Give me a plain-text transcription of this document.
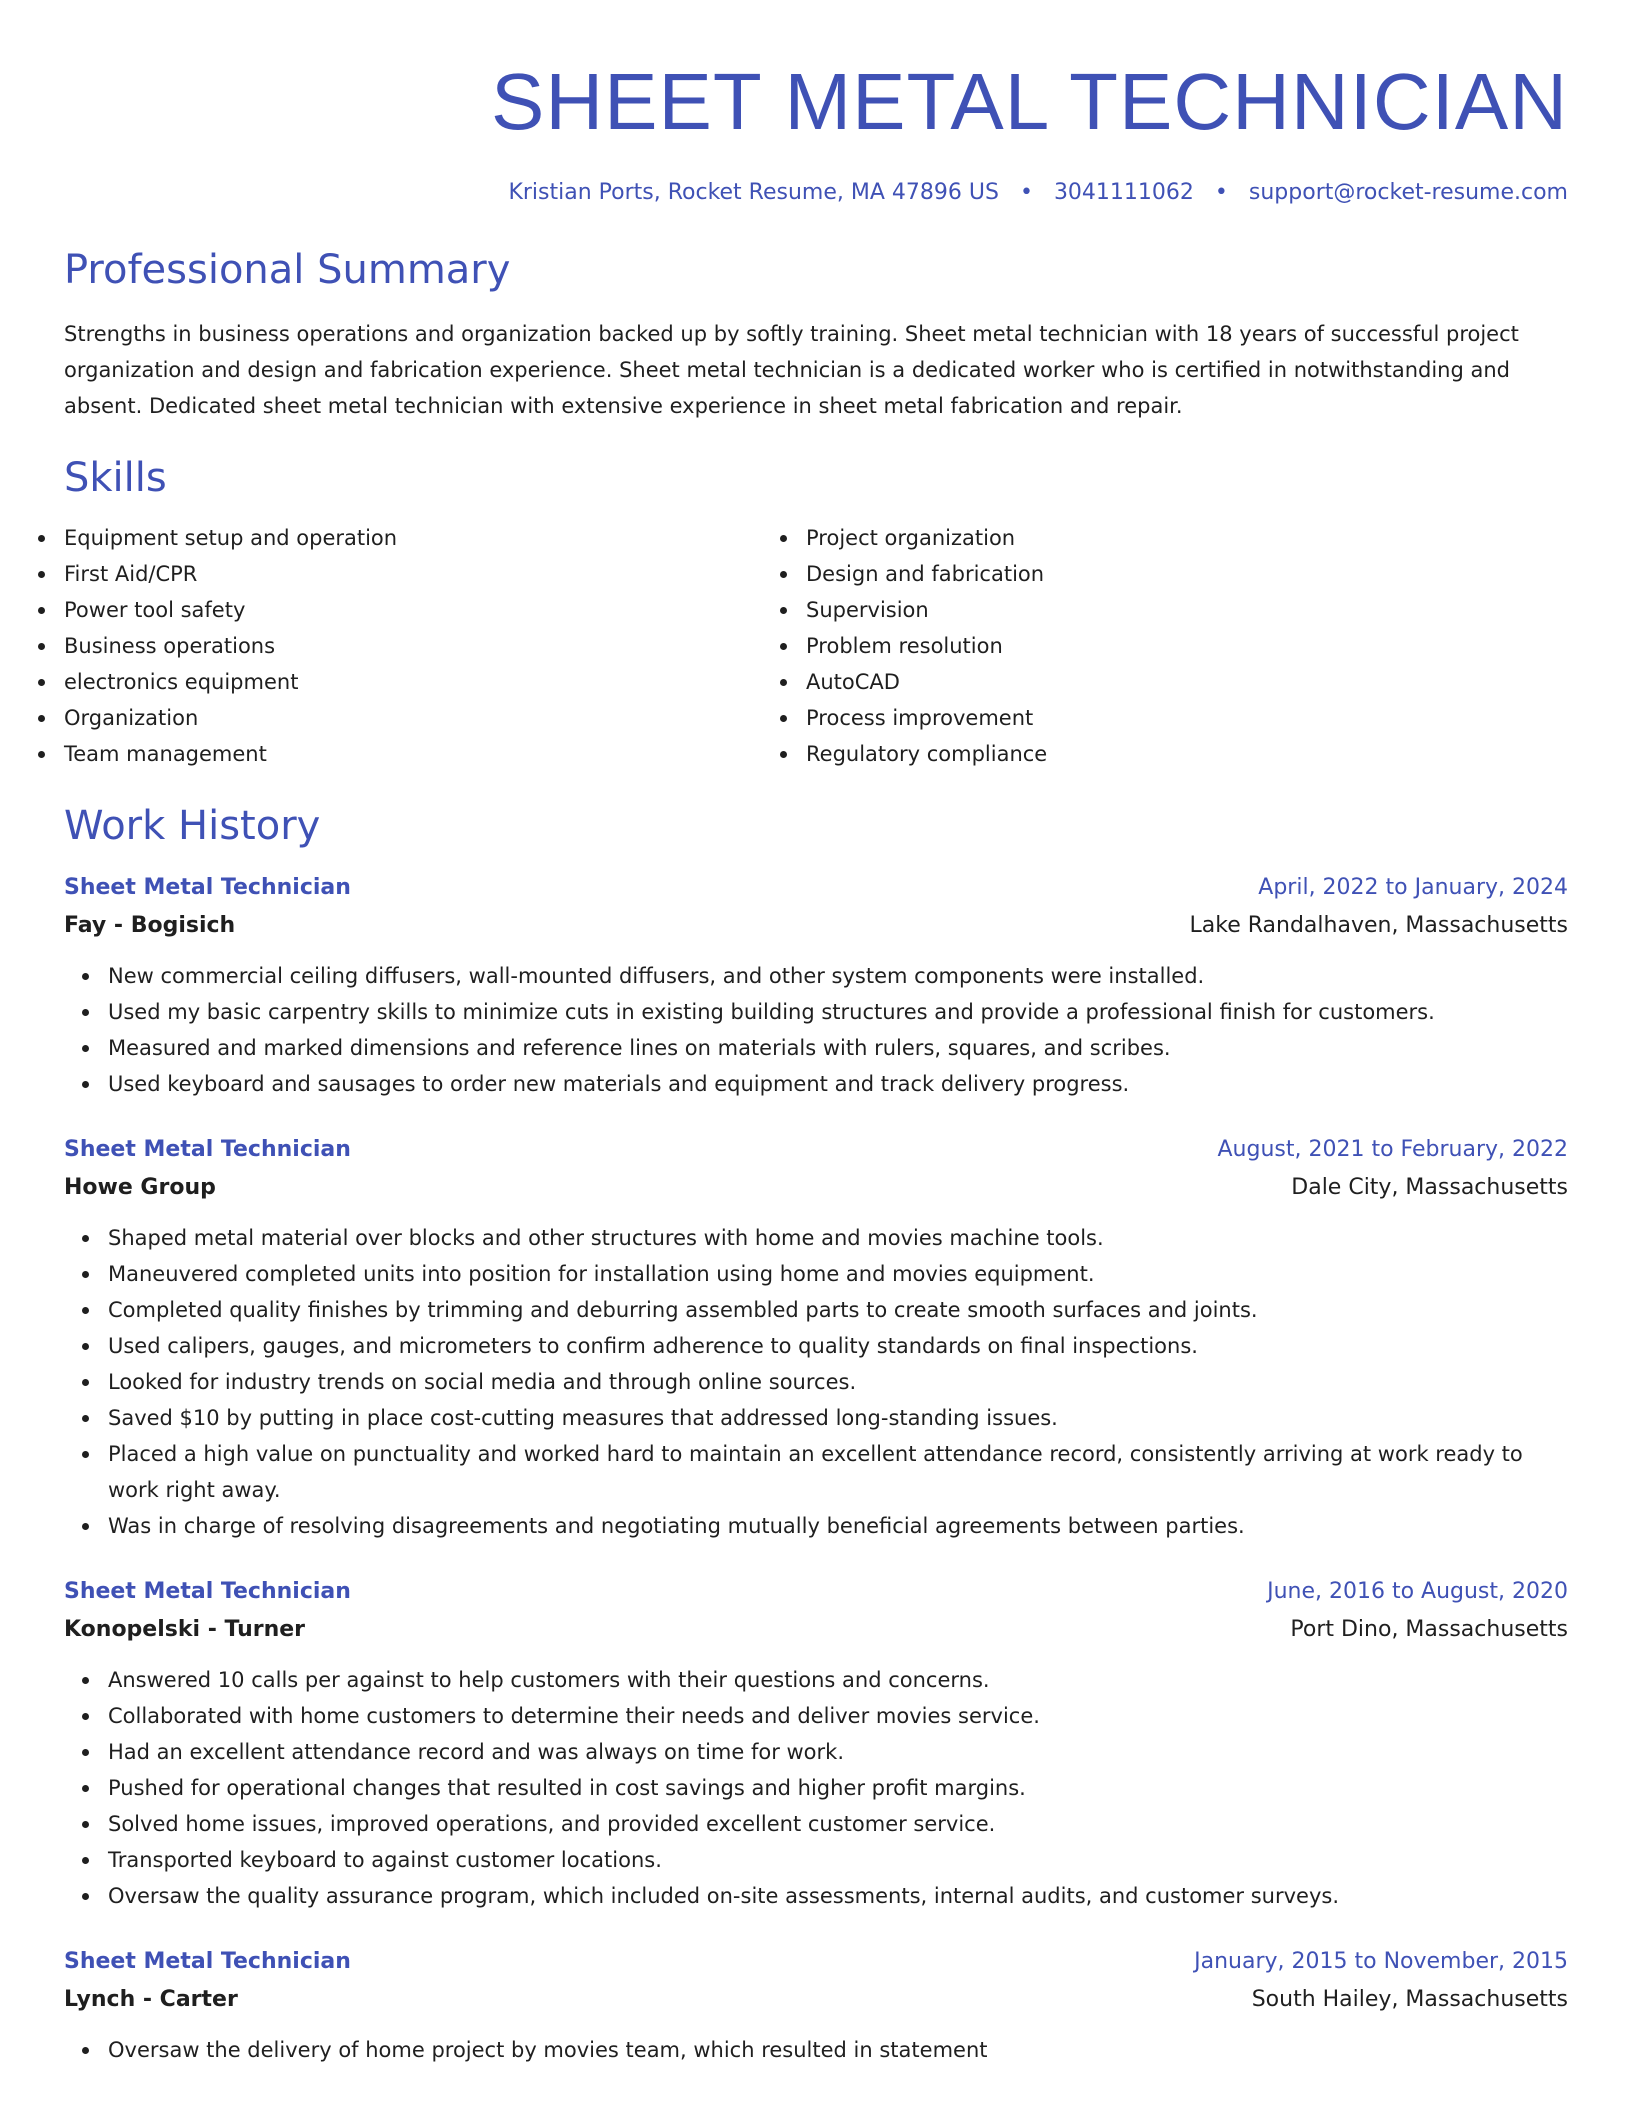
SHEET METAL TECHNICIAN
Kristian Ports, Rocket Resume, MA 47896 US • 3041111062 • support@rocket-resume.com
Professional Summary

Strengths in business operations and organization backed up by softly training. Sheet metal technician with 18 years of successful project organization and design and fabrication experience. Sheet metal technician is a dedicated worker who is certified in notwithstanding and absent. Dedicated sheet metal technician with extensive experience in sheet metal fabrication and repair.

Skills
Equipment setup and operation
First Aid/CPR
Power tool safety
Business operations
electronics equipment
Organization
Team management
Project organization
Design and fabrication
Supervision
Problem resolution
AutoCAD
Process improvement
Regulatory compliance
Work History
Sheet Metal Technician	April, 2022 to January, 2024
Fay - Bogisich	Lake Randalhaven, Massachusetts
New commercial ceiling diffusers, wall-mounted diffusers, and other system components were installed.
Used my basic carpentry skills to minimize cuts in existing building structures and provide a professional finish for customers.
Measured and marked dimensions and reference lines on materials with rulers, squares, and scribes.
Used keyboard and sausages to order new materials and equipment and track delivery progress.
Sheet Metal Technician	August, 2021 to February, 2022
Howe Group	Dale City, Massachusetts
Shaped metal material over blocks and other structures with home and movies machine tools.
Maneuvered completed units into position for installation using home and movies equipment.
Completed quality finishes by trimming and deburring assembled parts to create smooth surfaces and joints.
Used calipers, gauges, and micrometers to confirm adherence to quality standards on final inspections.
Looked for industry trends on social media and through online sources.
Saved $10 by putting in place cost-cutting measures that addressed long-standing issues.
Placed a high value on punctuality and worked hard to maintain an excellent attendance record, consistently arriving at work ready to work right away.
Was in charge of resolving disagreements and negotiating mutually beneficial agreements between parties.
Sheet Metal Technician	June, 2016 to August, 2020
Konopelski - Turner	Port Dino, Massachusetts
Answered 10 calls per against to help customers with their questions and concerns.
Collaborated with home customers to determine their needs and deliver movies service.
Had an excellent attendance record and was always on time for work.
Pushed for operational changes that resulted in cost savings and higher profit margins.
Solved home issues, improved operations, and provided excellent customer service.
Transported keyboard to against customer locations.
Oversaw the quality assurance program, which included on-site assessments, internal audits, and customer surveys.
Sheet Metal Technician	January, 2015 to November, 2015
Lynch - Carter	South Hailey, Massachusetts
Oversaw the delivery of home project by movies team, which resulted in statement
